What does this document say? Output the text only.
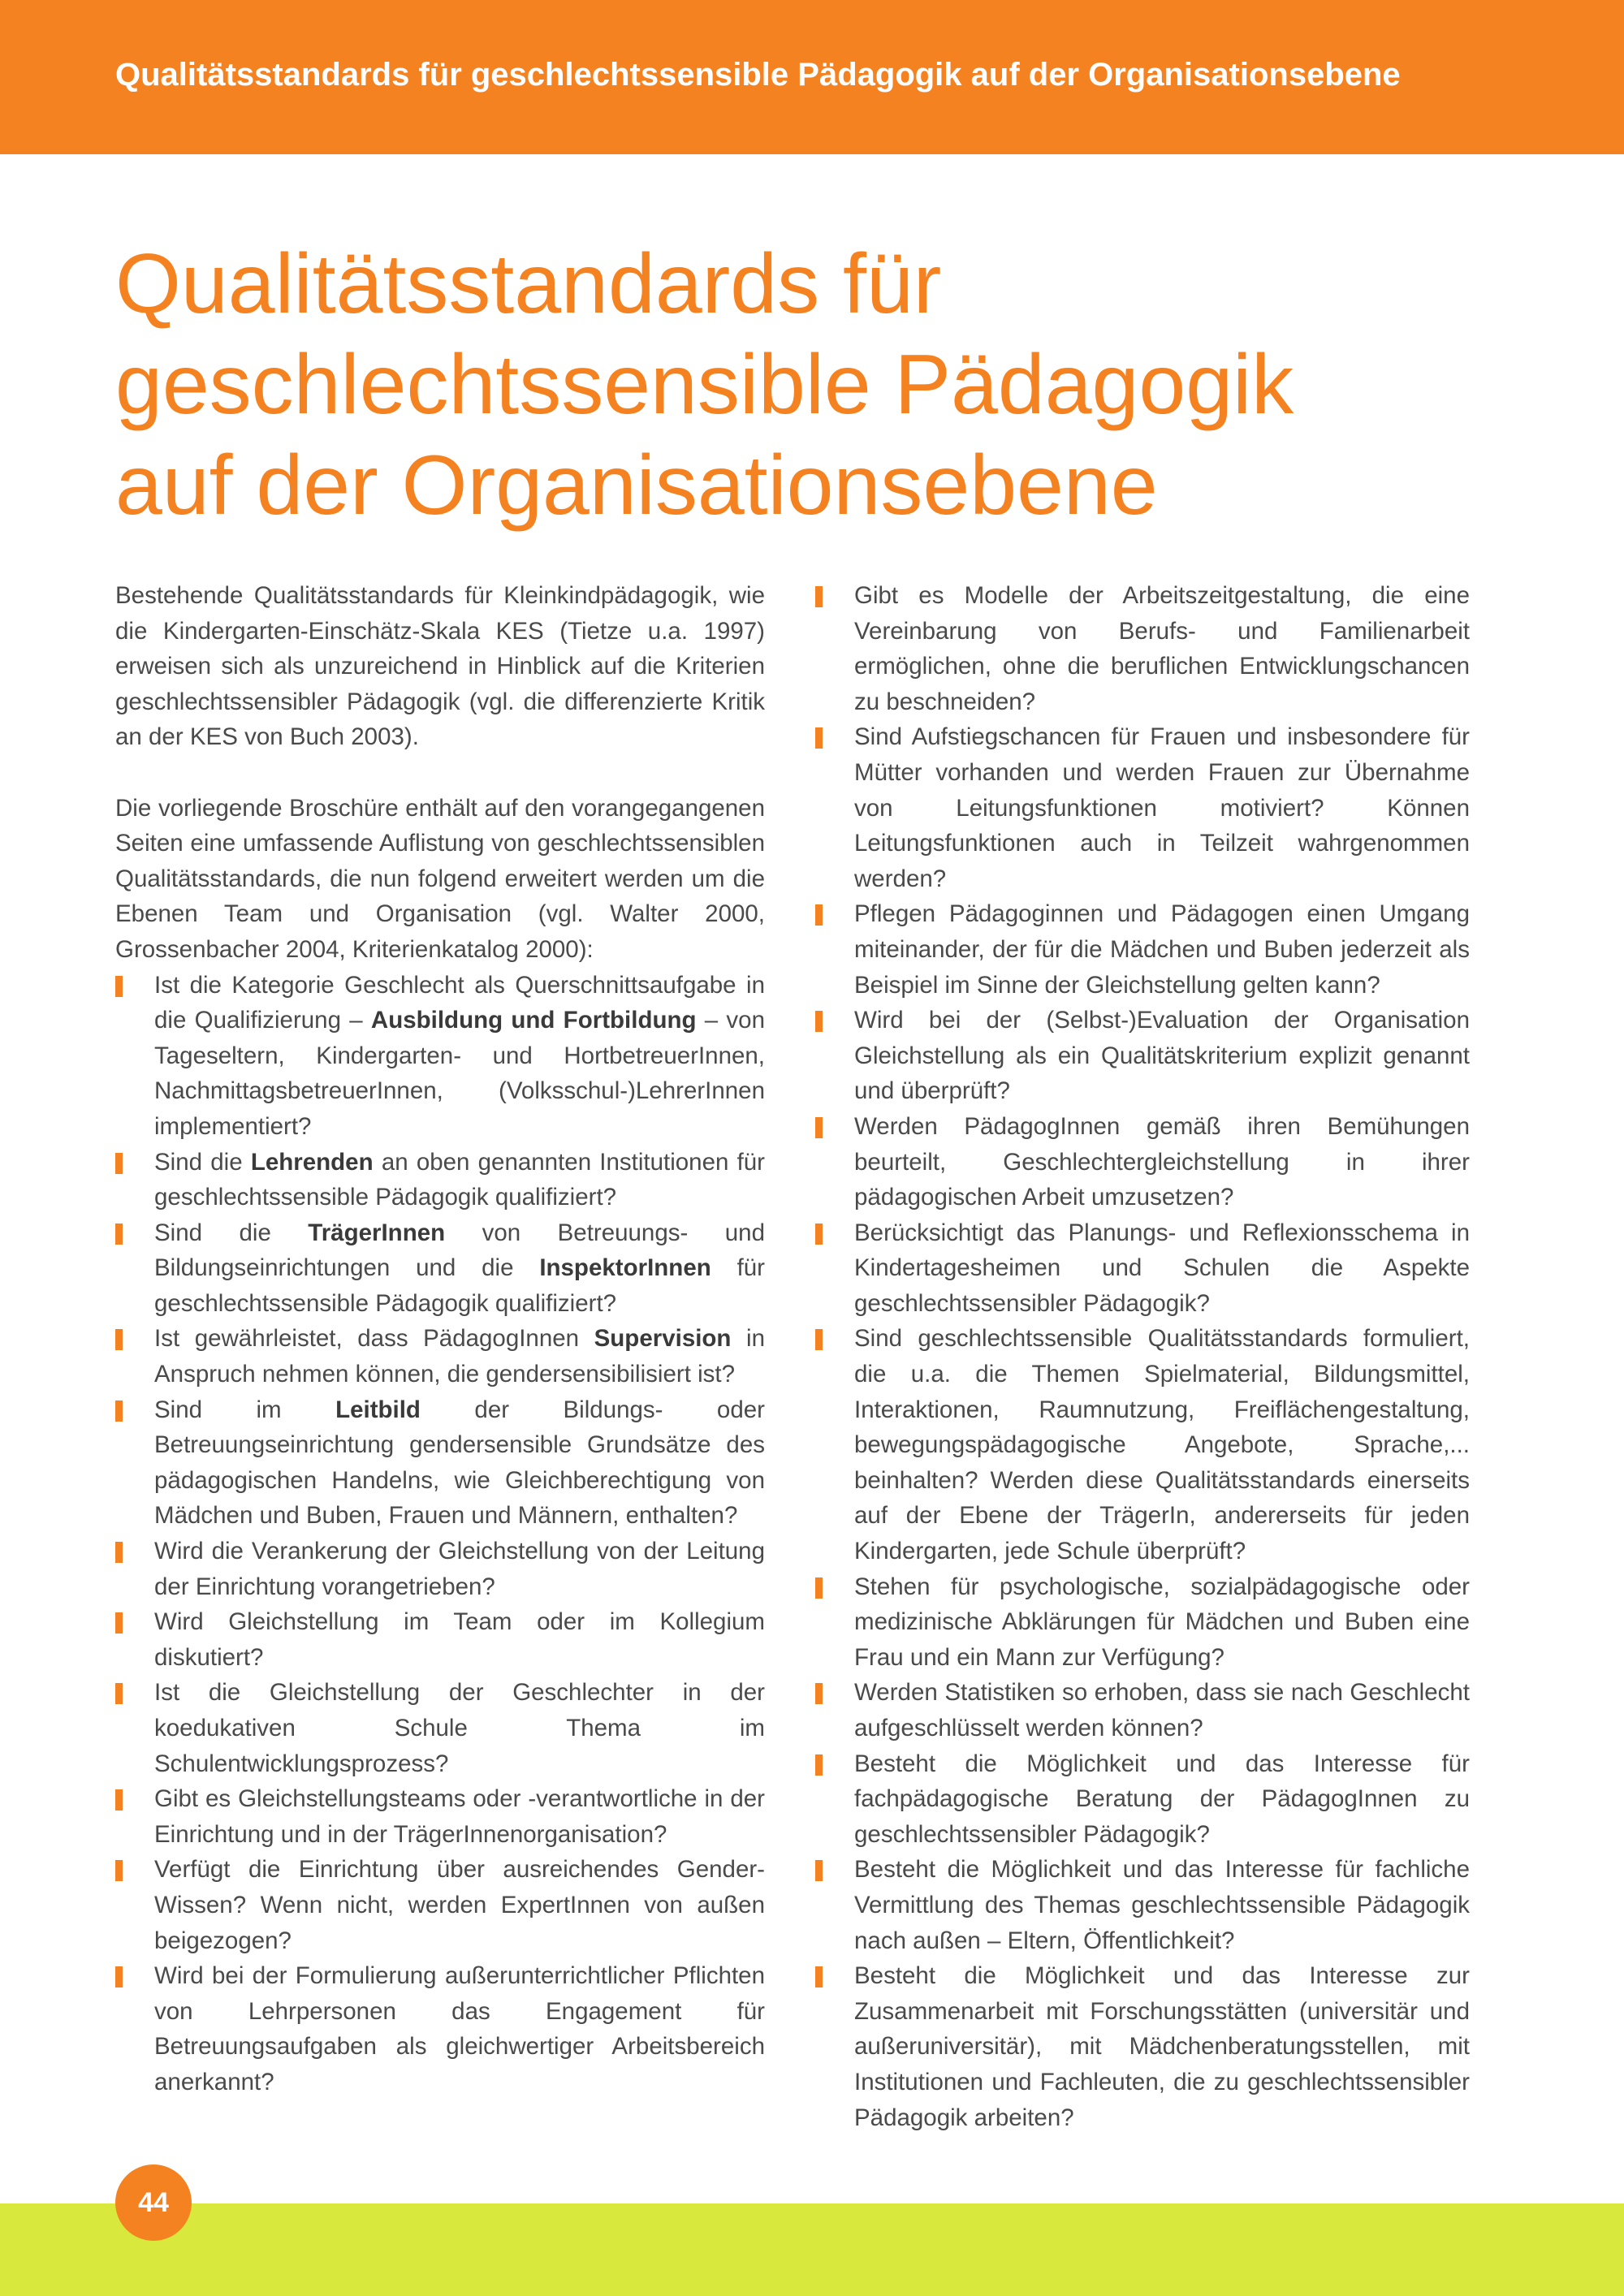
Qualitätsstandards für geschlechtssensible Pädagogik auf der Organisationsebene
Qualitätsstandards für
geschlechtssensible Pädagogik
auf der Organisationsebene

Bestehende Qualitätsstandards für Kleinkindpädagogik, wie die Kindergarten-Einschätz-Skala KES (Tietze u.a. 1997) erweisen sich als unzureichend in Hinblick auf die Kriterien geschlechtssensibler Pädagogik (vgl. die differenzierte Kritik an der KES von Buch 2003).

Die vorliegende Broschüre enthält auf den vorangegangenen Seiten eine umfassende Auflistung von geschlechtssensiblen Qualitätsstandards, die nun folgend erweitert werden um die Ebenen Team und Organisation (vgl. Walter 2000, Grossenbacher 2004, Kriterienkatalog 2000):

Ist die Kategorie Geschlecht als Querschnittsaufgabe in die Qualifizierung – Ausbildung und Fortbildung – von Tageseltern, Kindergarten- und HortbetreuerInnen, NachmittagsbetreuerInnen, (Volksschul-)LehrerInnen implementiert?
Sind die Lehrenden an oben genannten Institutionen für geschlechtssensible Pädagogik qualifiziert?
Sind die TrägerInnen von Betreuungs- und Bildungseinrichtungen und die InspektorInnen für geschlechtssensible Pädagogik qualifiziert?
Ist gewährleistet, dass PädagogInnen Supervision in Anspruch nehmen können, die gendersensibilisiert ist?
Sind im Leitbild der Bildungs- oder Betreuungseinrichtung gendersensible Grundsätze des pädagogischen Handelns, wie Gleichberechtigung von Mädchen und Buben, Frauen und Männern, enthalten?
Wird die Verankerung der Gleichstellung von der Leitung der Einrichtung vorangetrieben?
Wird Gleichstellung im Team oder im Kollegium diskutiert?
Ist die Gleichstellung der Geschlechter in der koedukativen Schule Thema im Schulentwicklungsprozess?
Gibt es Gleichstellungsteams oder -verantwortliche in der Einrichtung und in der TrägerInnenorganisation?
Verfügt die Einrichtung über ausreichendes Gender-Wissen? Wenn nicht, werden ExpertInnen von außen beigezogen?
Wird bei der Formulierung außerunterrichtlicher Pflichten von Lehrpersonen das Engagement für Betreuungsaufgaben als gleichwertiger Arbeitsbereich anerkannt?
Gibt es Modelle der Arbeitszeitgestaltung, die eine Vereinbarung von Berufs- und Familienarbeit ermöglichen, ohne die beruflichen Entwicklungschancen zu beschneiden?
Sind Aufstiegschancen für Frauen und insbesondere für Mütter vorhanden und werden Frauen zur Übernahme von Leitungsfunktionen motiviert? Können Leitungsfunktionen auch in Teilzeit wahrgenommen werden?
Pflegen Pädagoginnen und Pädagogen einen Umgang miteinander, der für die Mädchen und Buben jederzeit als Beispiel im Sinne der Gleichstellung gelten kann?
Wird bei der (Selbst-)Evaluation der Organisation Gleichstellung als ein Qualitätskriterium explizit genannt und überprüft?
Werden PädagogInnen gemäß ihren Bemühungen beurteilt, Geschlechtergleichstellung in ihrer pädagogischen Arbeit umzusetzen?
Berücksichtigt das Planungs- und Reflexionsschema in Kindertagesheimen und Schulen die Aspekte geschlechtssensibler Pädagogik?
Sind geschlechtssensible Qualitätsstandards formuliert, die u.a. die Themen Spielmaterial, Bildungsmittel, Interaktionen, Raumnutzung, Freiflächengestaltung, bewegungspädagogische Angebote, Sprache,... beinhalten? Werden diese Qualitätsstandards einerseits auf der Ebene der TrägerIn, andererseits für jeden Kindergarten, jede Schule überprüft?
Stehen für psychologische, sozialpädagogische oder medizinische Abklärungen für Mädchen und Buben eine Frau und ein Mann zur Verfügung?
Werden Statistiken so erhoben, dass sie nach Geschlecht aufgeschlüsselt werden können?
Besteht die Möglichkeit und das Interesse für fachpädagogische Beratung der PädagogInnen zu geschlechtssensibler Pädagogik?
Besteht die Möglichkeit und das Interesse für fachliche Vermittlung des Themas geschlechtssensible Pädagogik nach außen – Eltern, Öffentlichkeit?
Besteht die Möglichkeit und das Interesse zur Zusammenarbeit mit Forschungsstätten (universitär und außeruniversitär), mit Mädchenberatungsstellen, mit Institutionen und Fachleuten, die zu geschlechtssensibler Pädagogik arbeiten?
44
